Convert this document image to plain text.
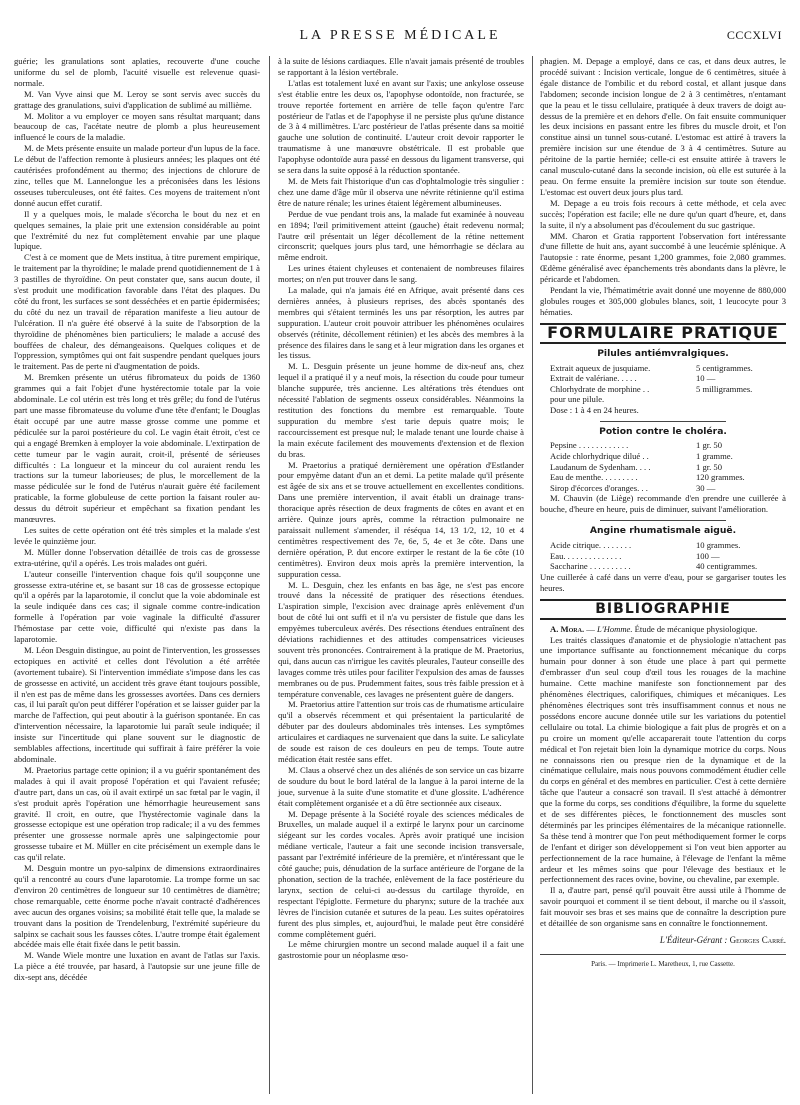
LA PRESSE MÉDICALE	CCCXLVI

guérie; les granulations sont aplaties, recouverte d'une couche uniforme du sel de plomb, l'acuité visuelle est relevenue quasi-normale.

M. Van Vyve ainsi que M. Leroy se sont servis avec succès du grattage des granulations, suivi d'application de sublimé au millième.

M. Molitor a vu employer ce moyen sans résultat marquant; dans beaucoup de cas, l'acétate neutre de plomb a plus heureusement influencé le cours de la maladie.

M. de Mets présente ensuite un malade porteur d'un lupus de la face. Le début de l'affection remonte à plusieurs années; les plaques ont été cautérisées profondément au thermo; des injections de chlorure de zinc, telles que M. Lannelongue les a préconisées dans les lésions osseuses tuberculeuses, ont été faites. Ces moyens de traitement n'ont donné aucun effet curatif.

Il y a quelques mois, le malade s'écorcha le bout du nez et en quelques semaines, la plaie prit une extension considérable au point que l'extrémité du nez fut complètement envahie par une plaque lupique.

C'est à ce moment que de Mets institua, à titre purement empirique, le traitement par la thyroïdine; le malade prend quotidiennement de 1 à 3 pastilles de thyroïdine. On peut constater que, sans aucun doute, il s'est produit une modification favorable dans l'état des plaques. Du côté du front, les surfaces se sont desséchées et en partie épidermisées; du côté du nez un travail de réparation manifeste a lieu autour de l'ulcération. Il n'a guère été observé à la suite de l'absorption de la thyroïdine de phénomènes bien particuliers; le malade a accusé des bouffées de chaleur, des démangeaisons. Quelques coliques et de l'oppression, symptômes qui ont fait suspendre pendant quelques jours le traitement. Pas de perte ni d'augmentation de poids.

M. Bremken présente un utérus fibromateux du poids de 1360 grammes qui a fait l'objet d'une hystérectomie totale par la voie abdominale. Le col utérin est très long et très grêle; du fond de l'utérus part une masse fibromateuse du volume d'une tête d'enfant; le Douglas était occupé par une autre masse grosse comme une pomme et pédiculée sur la paroi postérieure du col. Le vagin était étroit, c'est ce qui a engagé Bremken à employer la voie abdominale. L'extirpation de cette tumeur par le vagin aurait, croit-il, présenté de sérieuses difficultés : La longueur et la minceur du col auraient rendu les tractions sur la tumeur laborieuses; de plus, le morcellement de la masse pédiculée sur le fond de l'utérus n'aurait guère été facilement praticable, la forme globuleuse de cette portion la faisant rouler au-dessus du détroit supérieur et empêchant sa fixation pendant les manœuvres.

Les suites de cette opération ont été très simples et la malade s'est levée le quinzième jour.

M. Müller donne l'observation détaillée de trois cas de grossesse extra-utérine, qu'il a opérés. Les trois malades ont guéri.

L'auteur conseille l'intervention chaque fois qu'il soupçonne une grossesse extra-utérine et, se basant sur 18 cas de grossesse ectopique qu'il a opérés par la laparotomie, il conclut que la voie abdominale est la seule indiquée dans ces cas; il signale comme contre-indication formelle à l'opération par voie vaginale la difficulté d'assurer l'hémostase par cette voie, difficulté qui n'existe pas dans la laparotomie.

M. Léon Desguin distingue, au point de l'intervention, les grossesses ectopiques en activité et celles dont l'évolution a été arrêtée (avortement tubaire). Si l'intervention immédiate s'impose dans les cas de grossesse en activité, un accident très grave étant toujours possible, il n'en est pas de même dans les grossesses avortées. Dans ces derniers cas, il lui paraît qu'on peut différer l'opération et se laisser guider par la marche de l'affection, qui peut aboutir à la guérison spontanée. En cas d'intervention nécessaire, la laparotomie lui paraît seule indiquée; il insiste sur l'incertitude qui plane souvent sur le diagnostic de semblables affections, incertitude qui suffirait à faire préférer la voie abdominale.

M. Praetorius partage cette opinion; il a vu guérir spontanément des malades à qui il avait proposé l'opération et qui l'avaient refusée; d'autre part, dans un cas, où il avait extirpé un sac fœtal par le vagin, il s'est produit après l'opération une hémorrhagie heureusement sans gravité. Il croit, en outre, que l'hystérectomie vaginale dans la grossesse ectopique est une opération trop radicale; il a vu des femmes présenter une grossesse normale après une salpingectomie pour grossesse tubaire et M. Müller en cite précisément un exemple dans le cas qu'il relate.

M. Desguin montre un pyo-salpinx de dimensions extraordinaires qu'il a rencontré au cours d'une laparotomie. La trompe forme un sac d'environ 20 centimètres de longueur sur 10 centimètres de diamètre; chose remarquable, cette énorme poche n'avait contracté d'adhérences avec aucun des organes voisins; sa mobilité était telle que, la malade se trouvant dans la position de Trendelenburg, l'extrémité supérieure du salpinx se cachait sous les fausses côtes. L'autre trompe était également abcédée mais elle était fixée dans le petit bassin.

M. Wande Wiele montre une luxation en avant de l'atlas sur l'axis. La pièce a été trouvée, par hasard, à l'autopsie sur une jeune fille de dix-sept ans, décédée

à la suite de lésions cardiaques. Elle n'avait jamais présenté de troubles se rapportant à la lésion vertébrale.

L'atlas est totalement luxé en avant sur l'axis; une ankylose osseuse s'est établie entre les deux os, l'apophyse odontoïde, non fracturée, se trouve reportée fortement en arrière de telle façon qu'entre l'arc postérieur de l'atlas et de l'apophyse il ne persiste plus qu'une distance de 3 à 4 millimètres. L'arc postérieur de l'atlas présente dans sa moitié gauche une solution de continuité. L'auteur croit devoir rapporter le traumatisme à une manœuvre obstétricale. Il est probable que l'apophyse odontoïde aura passé en dessous du ligament transverse, qui se sera dans la suite opposé à la réduction spontanée.

M. de Mets fait l'historique d'un cas d'ophtalmologie très singulier : chez une dame d'âge mûr il observa une névrite rétinienne qu'il estima être de nature rénale; les urines étaient légèrement albumineuses.

Perdue de vue pendant trois ans, la malade fut examinée à nouveau en 1894; l'œil primitivement atteint (gauche) était redevenu normal; l'autre œil présentait un léger décollement de la rétine nettement circonscrit; quelques jours plus tard, une hémorrhagie se déclara au même endroit.

Les urines étaient chyleuses et contenaient de nombreuses filaires mortes; on n'en put trouver dans le sang.

La malade, qui n'a jamais été en Afrique, avait présenté dans ces dernières années, à plusieurs reprises, des abcès spontanés des membres qui s'étaient terminés les uns par résorption, les autres par suppuration. L'auteur croit pouvoir attribuer les phénomènes oculaires observés (rétinite, décollement rétinien) et les abcès des membres à la présence des filaires dans le sang et à leur migration dans les organes et les tissus.

M. L. Desguin présente un jeune homme de dix-neuf ans, chez lequel il a pratiqué il y a neuf mois, la résection du coude pour tumeur blanche suppurée, très ancienne. Les altérations très étendues ont nécessité l'ablation de segments osseux considérables. Néanmoins la restitution des fonctions du membre est remarquable. Toute suppuration du membre s'est tarie depuis quatre mois; le raccourcissement est presque nul; le malade tenant une lourde chaise à la main exécute facilement des mouvements d'extension et de flexion du bras.

M. Praetorius a pratiqué dernièrement une opération d'Estlander pour empyème datant d'un an et demi. La petite malade qu'il présente est âgée de six ans et se trouve actuellement en excellentes conditions. Dans une première intervention, il avait établi un drainage trans-thoracique après résection de deux fragments de côtes en avant et en arrière. Quinze jours après, comme la rétraction pulmonaire ne paraissait nullement s'amender, il réséqua 14, 13 1/2, 12, 10 et 4 centimètres respectivement des 7e, 6e, 5, 4e et 3e côte. Dans une dernière opération, P. dut encore extirper le restant de la 6e côte (10 centimètres). Environ deux mois après la première intervention, la suppuration cessa.

M. L. Desguin, chez les enfants en bas âge, ne s'est pas encore trouvé dans la nécessité de pratiquer des résections étendues. L'aspiration simple, l'excision avec drainage après enlèvement d'un bout de côté lui ont suffi et il n'a vu persister de fistule que dans les empyèmes tuberculeux avérés. Des résections étendues entraînent des déviations rachidiennes et des attitudes compensatrices vicieuses souvent très prononcées. Contrairement à la pratique de M. Praetorius, qui, dans aucun cas n'irrigue les cavités pleurales, l'auteur conseille des lavages comme très utiles pour faciliter l'expulsion des amas de fausses membranes ou de pus. Prudemment faites, sous très faible pression et à température convenable, ces lavages ne présentent guère de dangers.

M. Praetorius attire l'attention sur trois cas de rhumatisme articulaire qu'il a observés récemment et qui présentaient la particularité de débuter par des douleurs abdominales très intenses. Les symptômes articulaires et cardiaques ne survenaient que dans la suite. Le salicylate de soude est raison de ces douleurs en peu de temps. Toute autre médication était restée sans effet.

M. Claus a observé chez un des aliénés de son service un cas bizarre de soudure du bout le bord latéral de la langue à la paroi interne de la joue, survenue à la suite d'une stomatite et d'une glossite. L'adhérence était complètement organisée et a dû être sectionnée aux ciseaux.

M. Depage présente à la Société royale des sciences médicales de Bruxelles, un malade auquel il a extirpé le larynx pour un carcinome siégeant sur les cordes vocales. Après avoir pratiqué une incision médiane verticale, l'auteur a fait une seconde incision transversale, passant par l'extrémité inférieure de la première, et n'intéressant que le côté gauche; puis, dénudation de la surface antérieure de l'organe de la phonation, section de la trachée, enlèvement de la face postérieure du larynx, section de celui-ci au-dessus du cartilage thyroïde, en respectant l'épiglotte. Fermeture du pharynx; suture de la trachée aux lèvres de l'incision cutanée et sutures de la peau. Les suites opératoires furent des plus simples, et, aujourd'hui, le malade peut être considéré comme complètement guéri.

Le même chirurgien montre un second malade auquel il a fait une gastrostomie pour un néoplasme œso-

phagien. M. Depage a employé, dans ce cas, et dans deux autres, le procédé suivant : Incision verticale, longue de 6 centimètres, située à égale distance de l'ombilic et du rebord costal, et allant jusque dans l'abdomen; seconde incision longue de 2 à 3 centimètres, n'entamant que la peau et le tissu cellulaire, pratiquée à deux travers de doigt au-dessus de la première et en dehors d'elle. On fait ensuite communiquer les deux incisions en passant entre les fibres du muscle droit, et l'on constitue ainsi un tunnel sous-cutané. L'estomac est attiré à travers la première incision sur une étendue de 3 à 4 centimètres. Suture au péritoine de la partie herniée; celle-ci est ensuite attirée à travers le canal musculo-cutané dans la seconde incision, où elle est suturée à la peau. On ferme ensuite la première incision sur toute son étendue. L'estomac est ouvert deux jours plus tard.

M. Depage a eu trois fois recours à cette méthode, et cela avec succès; l'opération est facile; elle ne dure qu'un quart d'heure, et, dans la suite, il n'y a absolument pas d'écoulement du suc gastrique.

MM. Charon et Gratia rapportent l'observation fort intéressante d'une fillette de huit ans, ayant succombé à une leucémie splénique. A l'autopsie : rate énorme, pesant 1,200 grammes, foie 2,080 grammes. Œdème généralisé avec épanchements très abondants dans la plèvre, le péricarde et l'abdomen.

Pendant la vie, l'hématimétrie avait donné une moyenne de 880,000 globules rouges et 305,000 globules blancs, soit, 1 leucocyte pour 3 hématies.

FORMULAIRE PRATIQUE
Pilules antiémvralgiques.
Extrait aqueux de jusquiame.	5 centigrammes.
Extrait de valériane. . . . .	10 —
Chlorhydrate de morphine . .	5 milligrammes.
pour une pilule.
Dose : 1 à 4 en 24 heures.
Potion contre le choléra.
Pepsine . . . . . . . . . . . .	1 gr. 50
Acide chlorhydrique dilué . .	1 gramme.
Laudanum de Sydenham. . . .	1 gr. 50
Eau de menthe. . . . . . . . .	120 grammes.
Sirop d'écorces d'oranges. . .	30 —

M. Chauvin (de Liège) recommande d'en prendre une cuillerée à bouche, d'heure en heure, puis de diminuer, suivant l'amélioration.

Angine rhumatismale aiguë.
Acide citrique. . . . . . . .	10 grammes.
Eau. . . . . . . . . . . . . .	100 —
Saccharine . . . . . . . . . .	40 centigrammes.

Une cuillerée à café dans un verre d'eau, pour se gargariser toutes les heures.

BIBLIOGRAPHIE

A. Mora. — L'Homme. Étude de mécanique physiologique.

Les traités classiques d'anatomie et de physiologie n'attachent pas une importance suffisante au fonctionnement mécanique du corps humain pour donner à son étude une place à part qui permette d'embrasser d'un seul coup d'œil tous les rouages de la machine humaine. Cette machine manifeste son fonctionnement par des phénomènes électriques, calorifiques, chimiques et mécaniques. Les phénomènes électriques sont très insuffisamment connus et nous ne possédons encore aucune donnée utile sur les variations du potentiel cellulaire ou total. La chimie biologique a fait plus de progrès et on a pu croire un moment qu'elle accaparerait toute l'attention du corps médical et l'on rejetait bien loin la dynamique motrice du corps. Nous ne connaissons rien ou presque rien de la dynamique et de la cinématique cellulaire, mais nous pouvons commodément étudier celle du corps en général et des membres en particulier. C'est à cette dernière tâche que l'auteur a consacré son travail. Il s'est attaché à démontrer que la forme du corps, ses conditions d'équilibre, la forme du squelette et de ses différentes pièces, le fonctionnement des muscles sont déterminés par les principes élémentaires de la mécanique rationnelle. Sa thèse tend à montrer que l'on peut méthodiquement former le corps de l'enfant et diriger son développement si l'on veut bien apporter au perfectionnement de la race humaine, à l'élevage de l'enfant la même ardeur et les mêmes soins que pour l'élevage des bestiaux et le perfectionnement des races ovine, bovine, ou chevaline, par exemple.

Il a, d'autre part, pensé qu'il pouvait être aussi utile à l'homme de savoir pourquoi et comment il se tient debout, il marche ou il s'assoit, fait mouvoir ses bras et ses mains que de connaître la description pure et détaillée de son organisme sans en connaître le fonctionnement.

L'Éditeur-Gérant : Georges Carré.
Paris. — Imprimerie L. Maretheux, 1, rue Cassette.
